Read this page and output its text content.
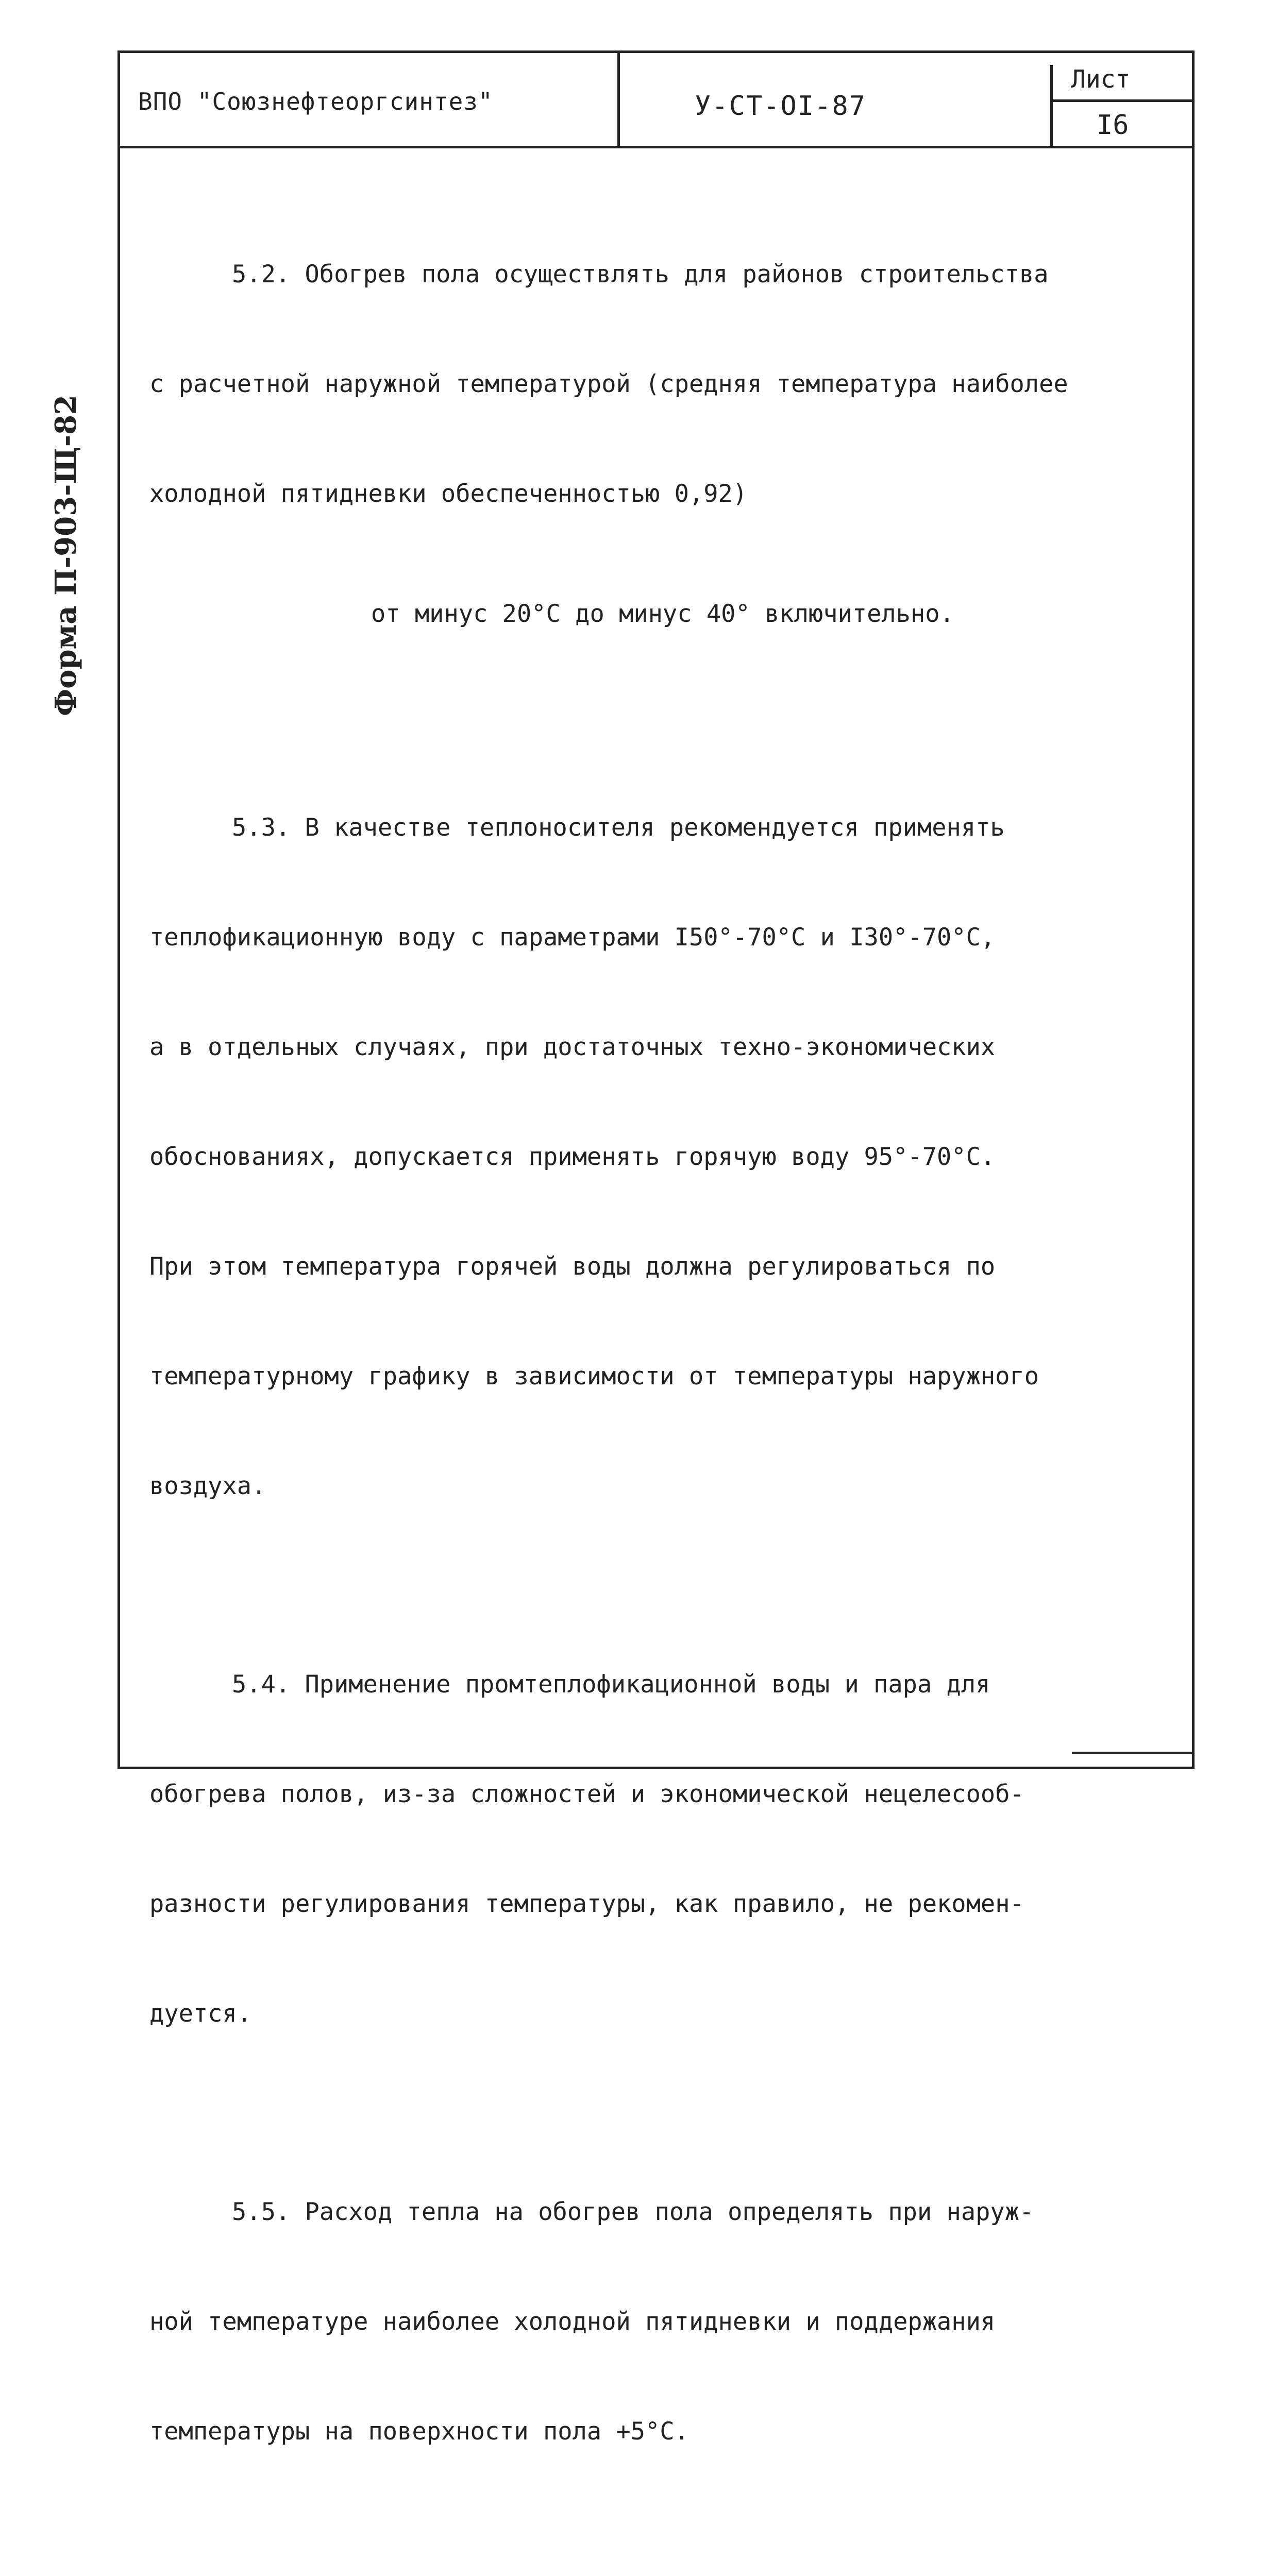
ВПО "Союзнефтеоргсинтез"	У-СТ-ОI-87
Лист
I6
Форма П-903-Щ-82

5.2. Обогрев пола осуществлять для районов строительства

с расчетной наружной температурой (средняя температура наиболее

холодной пятидневки обеспеченностью 0,92)

от минус 20°С до минус 40° включительно.

5.3. В качестве теплоносителя рекомендуется применять

теплофикационную воду с параметрами I50°-70°С и I30°-70°С,

а в отдельных случаях, при достаточных техно-экономических

обоснованиях, допускается применять горячую воду 95°-70°С.

При этом температура горячей воды должна регулироваться по

температурному графику в зависимости от температуры наружного

воздуха.

5.4. Применение промтеплофикационной воды и пара для

обогрева полов, из-за сложностей и экономической нецелесооб-

разности регулирования температуры, как правило, не рекомен-

дуется.

5.5. Расход тепла на обогрев пола определять при наруж-

ной температуре наиболее холодной пятидневки и поддержания

температуры на поверхности пола +5°С.
